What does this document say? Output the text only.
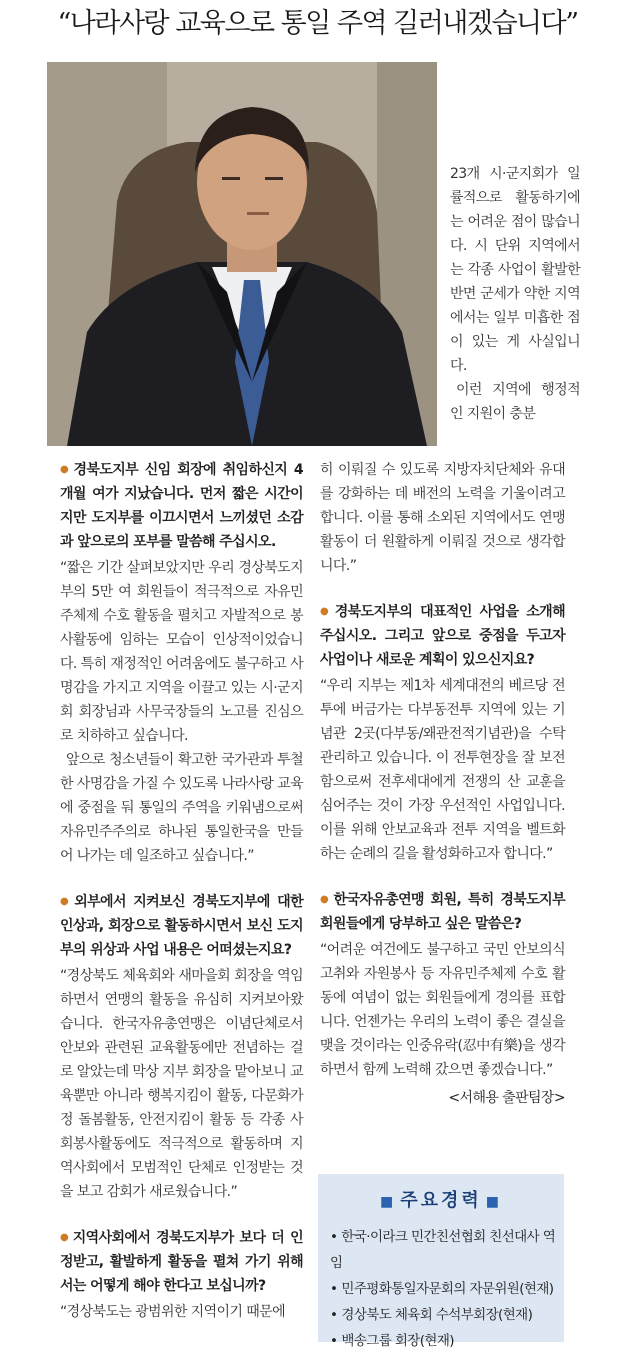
“나라사랑 교육으로 통일 주역 길러내겠습니다”

23개 시·군지회가 일률적으로 활동하기에는 어려운 점이 많습니다. 시 단위 지역에서는 각종 사업이 활발한 반면 군세가 약한 지역에서는 일부 미흡한 점이 있는 게 사실입니다.

이런 지역에 행정적인 지원이 충분

● 경북도지부 신임 회장에 취임하신지 4개월 여가 지났습니다. 먼저 짧은 시간이지만 도지부를 이끄시면서 느끼셨던 소감과 앞으로의 포부를 말씀해 주십시오.

“짧은 기간 살펴보았지만 우리 경상북도지부의 5만 여 회원들이 적극적으로 자유민주체제 수호 활동을 펼치고 자발적으로 봉사활동에 임하는 모습이 인상적이었습니다. 특히 재정적인 어려움에도 불구하고 사명감을 가지고 지역을 이끌고 있는 시·군지회 회장님과 사무국장들의 노고를 진심으로 치하하고 싶습니다.

앞으로 청소년들이 확고한 국가관과 투철한 사명감을 가질 수 있도록 나라사랑 교육에 중점을 둬 통일의 주역을 키워냄으로써 자유민주주의로 하나된 통일한국을 만들어 나가는 데 일조하고 싶습니다.”

● 외부에서 지켜보신 경북도지부에 대한 인상과, 회장으로 활동하시면서 보신 도지부의 위상과 사업 내용은 어떠셨는지요?

“경상북도 체육회와 새마을회 회장을 역임하면서 연맹의 활동을 유심히 지켜보아왔습니다. 한국자유총연맹은 이념단체로서 안보와 관련된 교육활동에만 전념하는 걸로 알았는데 막상 지부 회장을 맡아보니 교육뿐만 아니라 행복지킴이 활동, 다문화가정 돌봄활동, 안전지킴이 활동 등 각종 사회봉사활동에도 적극적으로 활동하며 지역사회에서 모범적인 단체로 인정받는 것을 보고 감회가 새로웠습니다.”

● 지역사회에서 경북도지부가 보다 더 인정받고, 활발하게 활동을 펼쳐 가기 위해서는 어떻게 해야 한다고 보십니까?

“경상북도는 광범위한 지역이기 때문에

히 이뤄질 수 있도록 지방자치단체와 유대를 강화하는 데 배전의 노력을 기울이려고 합니다. 이를 통해 소외된 지역에서도 연맹 활동이 더 원활하게 이뤄질 것으로 생각합니다.”

● 경북도지부의 대표적인 사업을 소개해 주십시오. 그리고 앞으로 중점을 두고자 사업이나 새로운 계획이 있으신지요?

“우리 지부는 제1차 세계대전의 베르당 전투에 버금가는 다부동전투 지역에 있는 기념관 2곳(다부동/왜관전적기념관)을 수탁 관리하고 있습니다. 이 전투현장을 잘 보전함으로써 전후세대에게 전쟁의 산 교훈을 심어주는 것이 가장 우선적인 사업입니다. 이를 위해 안보교육과 전투 지역을 벨트화 하는 순례의 길을 활성화하고자 합니다.”

● 한국자유총연맹 회원, 특히 경북도지부 회원들에게 당부하고 싶은 말씀은?

“어려운 여건에도 불구하고 국민 안보의식 고취와 자원봉사 등 자유민주체제 수호 활동에 여념이 없는 회원들에게 경의를 표합니다. 언젠가는 우리의 노력이 좋은 결실을 맺을 것이라는 인중유락(忍中有樂)을 생각하면서 함께 노력해 갔으면 좋겠습니다.”

<서해용 출판팀장>

■ 주요경력 ■
• 한국·이라크 민간친선협회 친선대사 역임
• 민주평화통일자문회의 자문위원(현재)
• 경상북도 체육회 수석부회장(현재)
• 백송그룹 회장(현재)
